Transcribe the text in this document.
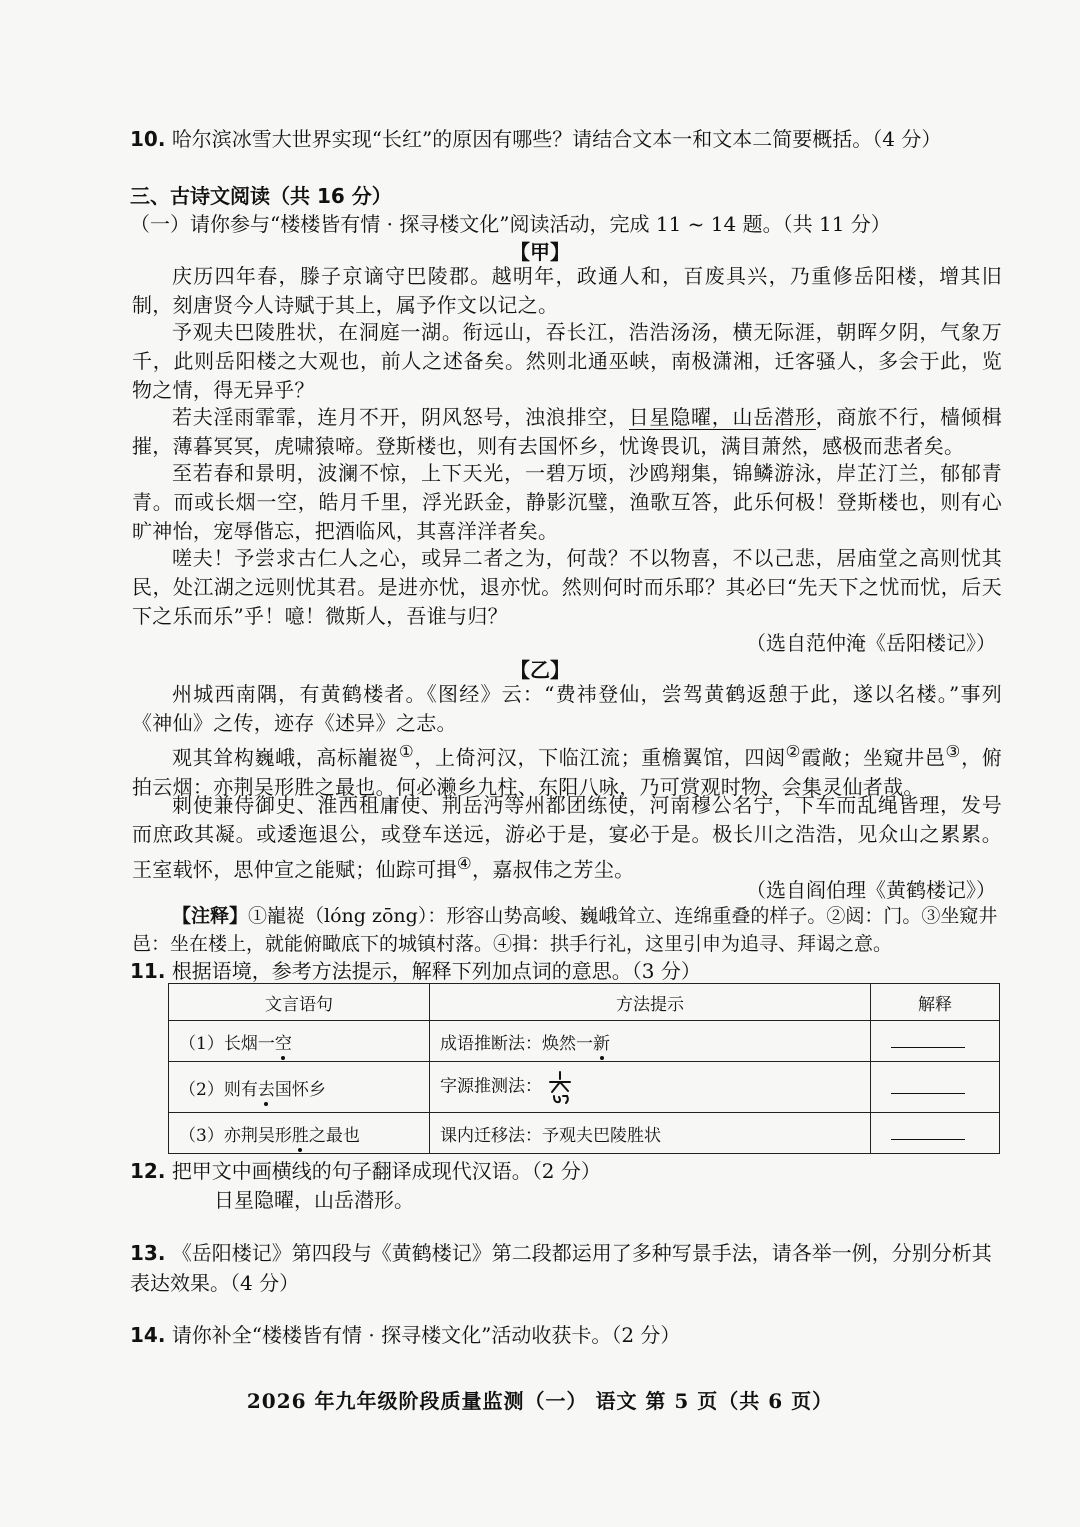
10. 哈尔滨冰雪大世界实现“长红”的原因有哪些？请结合文本一和文本二简要概括。（4 分）
三、古诗文阅读（共 16 分）
（一）请你参与“楼楼皆有情 · 探寻楼文化”阅读活动，完成 11 ~ 14 题。（共 11 分）
【甲】
庆历四年春，滕子京谪守巴陵郡。越明年，政通人和，百废具兴，乃重修岳阳楼，增其旧制，刻唐贤今人诗赋于其上，属予作文以记之。
予观夫巴陵胜状，在洞庭一湖。衔远山，吞长江，浩浩汤汤，横无际涯，朝晖夕阴，气象万千，此则岳阳楼之大观也，前人之述备矣。然则北通巫峡，南极潇湘，迁客骚人，多会于此，览物之情，得无异乎？
若夫淫雨霏霏，连月不开，阴风怒号，浊浪排空，日星隐曜，山岳潜形，商旅不行，樯倾楫摧，薄暮冥冥，虎啸猿啼。登斯楼也，则有去国怀乡，忧谗畏讥，满目萧然，感极而悲者矣。
至若春和景明，波澜不惊，上下天光，一碧万顷，沙鸥翔集，锦鳞游泳，岸芷汀兰，郁郁青青。而或长烟一空，皓月千里，浮光跃金，静影沉璧，渔歌互答，此乐何极！登斯楼也，则有心旷神怡，宠辱偕忘，把酒临风，其喜洋洋者矣。
嗟夫！予尝求古仁人之心，或异二者之为，何哉？不以物喜，不以己悲，居庙堂之高则忧其民，处江湖之远则忧其君。是进亦忧，退亦忧。然则何时而乐耶？其必曰“先天下之忧而忧，后天下之乐而乐”乎！噫！微斯人，吾谁与归？
（选自范仲淹《岳阳楼记》）
【乙】
州城西南隅，有黄鹤楼者。《图经》云：“费祎登仙，尝驾黄鹤返憩于此，遂以名楼。”事列《神仙》之传，迹存《述异》之志。
观其耸构巍峨，高标巃嵸①，上倚河汉，下临江流；重檐翼馆，四闼②霞敞；坐窥井邑③，俯拍云烟：亦荆吴形胜之最也。何必濑乡九柱、东阳八咏，乃可赏观时物、会集灵仙者哉。
刺使兼侍御史、淮西租庸使、荆岳沔等州都团练使，河南穆公名宁，下车而乱绳皆理，发号而庶政其凝。或逶迤退公，或登车送远，游必于是，宴必于是。极长川之浩浩，见众山之累累。王室载怀，思仲宣之能赋；仙踪可揖④，嘉叔伟之芳尘。
（选自阎伯理《黄鹤楼记》）
【注释】①巃嵸（lóng zōng）：形容山势高峻、巍峨耸立、连绵重叠的样子。②闼：门。③坐窥井邑：坐在楼上，就能俯瞰底下的城镇村落。④揖：拱手行礼，这里引申为追寻、拜谒之意。
11. 根据语境，参考方法提示，解释下列加点词的意思。（3 分）
文言语句	方法提示	解释
（1）长烟一空	成语推断法：焕然一新	
（2）则有去国怀乡	字源推测法：	
（3）亦荆吴形胜之最也	课内迁移法：予观夫巴陵胜状	
12. 把甲文中画横线的句子翻译成现代汉语。（2 分）
日星隐曜，山岳潜形。
13. 《岳阳楼记》第四段与《黄鹤楼记》第二段都运用了多种写景手法，请各举一例，分别分析其表达效果。（4 分）
14. 请你补全“楼楼皆有情 · 探寻楼文化”活动收获卡。（2 分）
2026 年九年级阶段质量监测（一） 语文 第 5 页（共 6 页）
